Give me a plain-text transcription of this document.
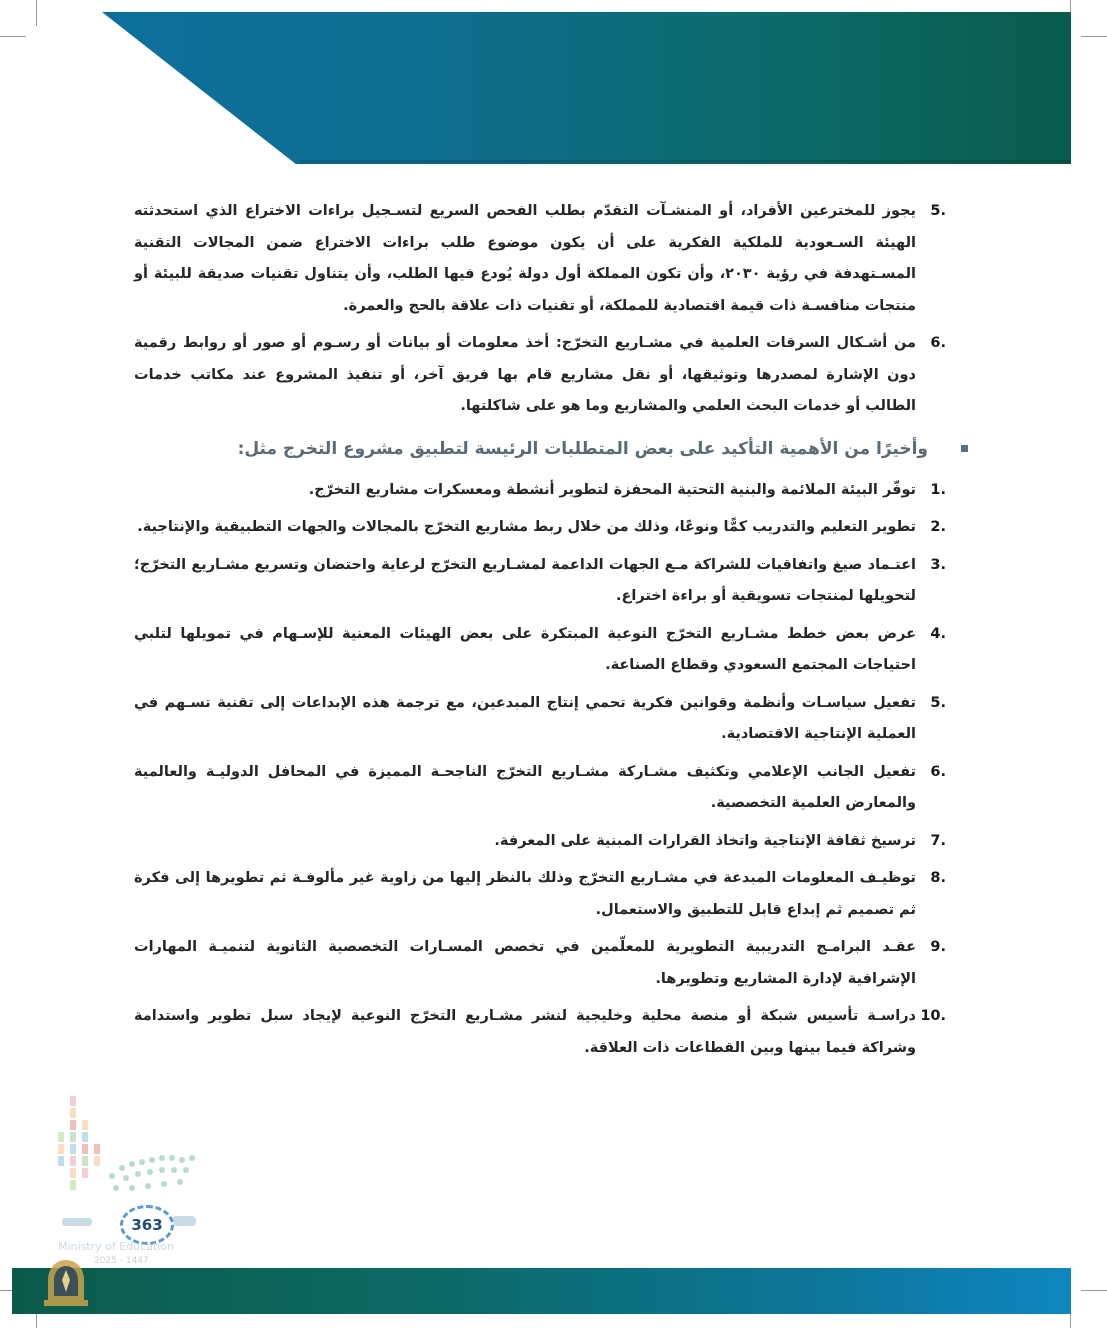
5.
يجوز للمخترعين الأفراد، أو المنشـآت التقدّم بطلب الفحص السريع لتسـجيل براءات الاختراع الذي استحدثته الهيئة السـعودية للملكية الفكرية على أن يكون موضوع طلب براءات الاختراع ضمن المجالات التقنية المسـتهدفة في رؤية ٢٠٣٠، وأن تكون المملكة أول دولة يُودع فيها الطلب، وأن يتناول تقنيات صديقة للبيئة أو منتجات منافسـة ذات قيمة اقتصادية للمملكة، أو تقنيات ذات علاقة بالحج والعمرة.
6.
من أشـكال السرقات العلمية في مشـاريع التخرّج: أخذ معلومات أو بيانات أو رسـوم أو صور أو روابط رقمية دون الإشارة لمصدرها وتوثيقها، أو نقل مشاريع قام بها فريق آخر، أو تنفيذ المشروع عند مكاتب خدمات الطالب أو خدمات البحث العلمي والمشاريع وما هو على شاكلتها.
وأخيرًا من الأهمية التأكيد على بعض المتطلبات الرئيسة لتطبيق مشروع التخرج مثل:
1.
توفّر البيئة الملائمة والبنية التحتية المحفزة لتطوير أنشطة ومعسكرات مشاريع التخرّج.
2.
تطوير التعليم والتدريب كمًّا ونوعًا، وذلك من خلال ربط مشاريع التخرّج بالمجالات والجهات التطبيقية والإنتاجية.
3.
اعتـماد صيغ واتفاقيات للشراكة مـع الجهات الداعمة لمشـاريع التخرّج لرعاية واحتضان وتسريع مشـاريع التخرّج؛ لتحويلها لمنتجات تسويقية أو براءة اختراع.
4.
عرض بعض خطط مشـاريع التخرّج النوعية المبتكرة على بعض الهيئات المعنية للإسـهام في تمويلها لتلبي احتياجات المجتمع السعودي وقطاع الصناعة.
5.
تفعيل سياسـات وأنظمة وقوانين فكرية تحمي إنتاج المبدعين، مع ترجمة هذه الإبداعات إلى تقنية تسـهم في العملية الإنتاجية الاقتصادية.
6.
تفعيل الجانب الإعلامي وتكثيف مشـاركة مشـاريع التخرّج الناجحـة المميزة في المحافل الدوليـة والعالمية والمعارض العلمية التخصصية.
7.
ترسيخ ثقافة الإنتاجية واتخاذ القرارات المبنية على المعرفة.
8.
توظيـف المعلومات المبدعة في مشـاريع التخرّج وذلك بالنظر إليها من زاوية غير مألوفـة ثم تطويرها إلى فكرة ثم تصميم ثم إبداع قابل للتطبيق والاستعمال.
9.
عقـد البرامـج التدريبية التطويرية للمعلّمين في تخصص المسـارات التخصصية الثانوية لتنميـة المهارات الإشرافية لإدارة المشاريع وتطويرها.
10.
دراسـة تأسيس شبكة أو منصة محلية وخليجية لنشر مشـاريع التخرّج النوعية لإيجاد سبل تطوير واستدامة وشراكة فيما بينها وبين القطاعات ذات العلاقة.
363
Ministry of Education
2025 - 1447
